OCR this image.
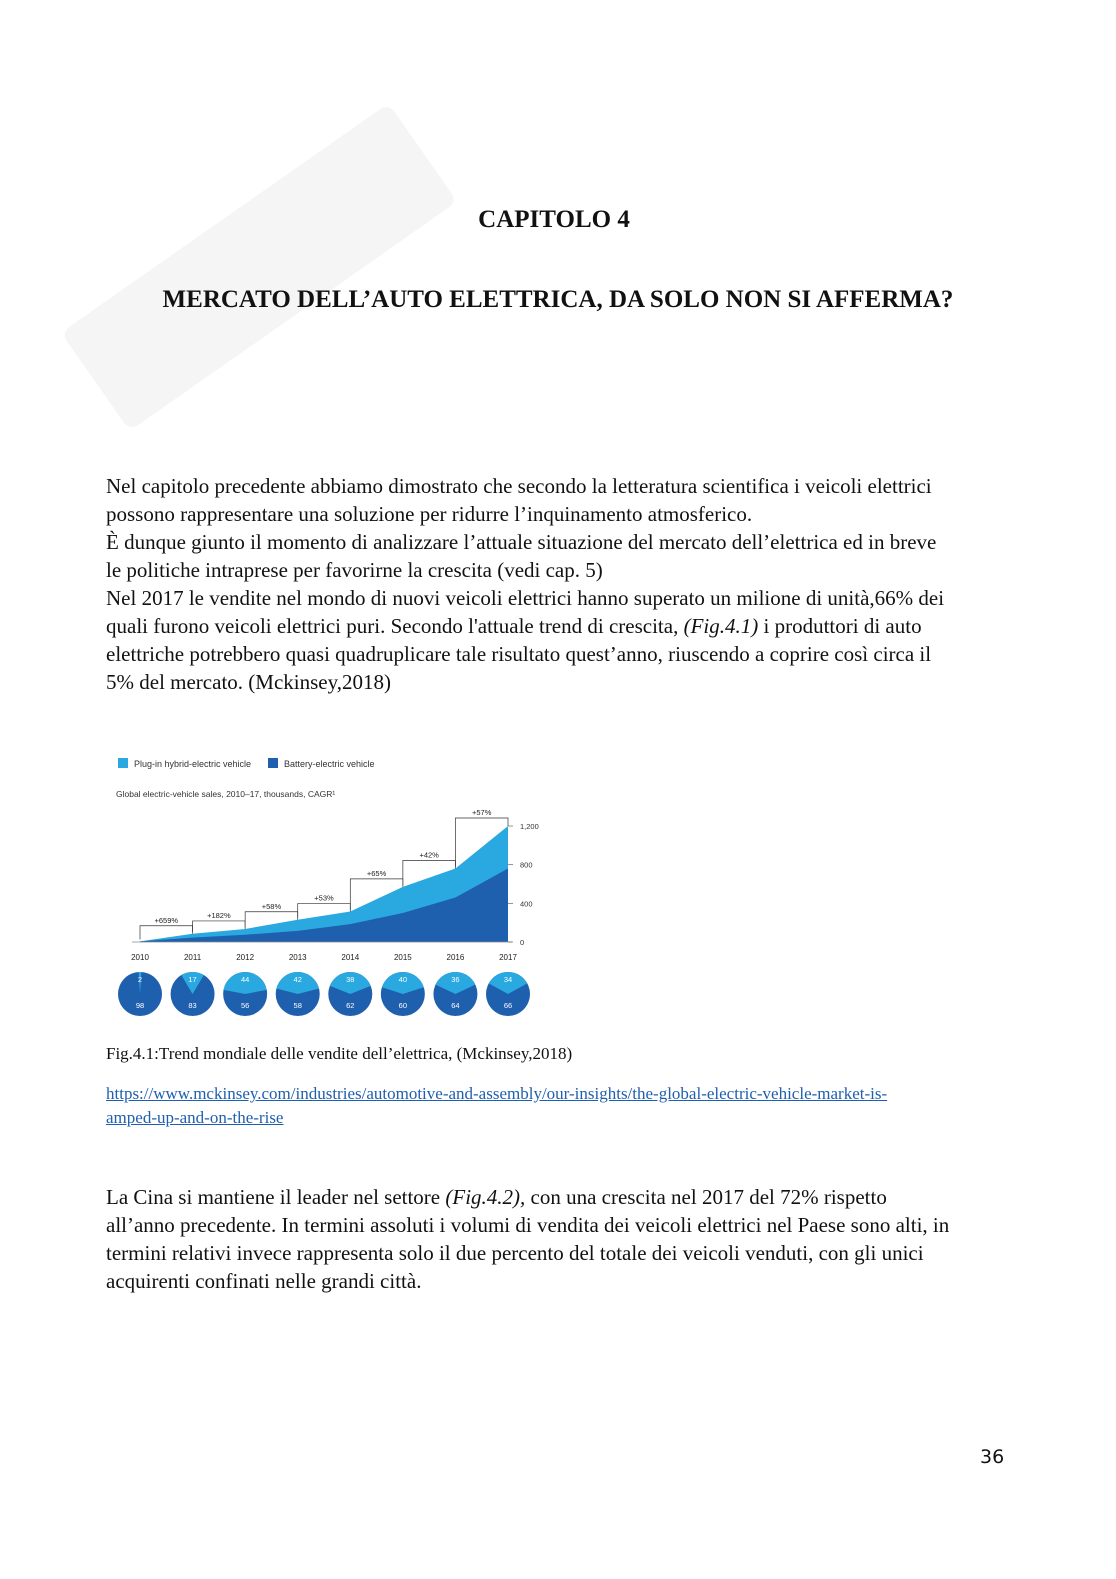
CAPITOLO 4
MERCATO DELL’AUTO ELETTRICA, DA SOLO NON SI AFFERMA?

Nel capitolo precedente abbiamo dimostrato che secondo la letteratura scientifica i veicoli elettrici

possono rappresentare una soluzione per ridurre l’inquinamento atmosferico.

È dunque giunto il momento di analizzare l’attuale situazione del mercato dell’elettrica ed in breve

le politiche intraprese per favorirne la crescita (vedi cap. 5)

Nel 2017 le vendite nel mondo di nuovi veicoli elettrici hanno superato un milione di unità,66% dei

quali furono veicoli elettrici puri. Secondo l'attuale trend di crescita, (Fig.4.1) i produttori di auto

elettriche potrebbero quasi quadruplicare tale risultato quest’anno, riuscendo a coprire così circa il

5% del mercato. (Mckinsey,2018)

Plug-in hybrid-electric vehicle	Battery-electric vehicle
Global electric-vehicle sales, 2010–17, thousands, CAGR¹
+659%
+182%
+58%
+53%
+65%
+42%
+57%
1,200
800
400
0
2010	2011	2012	2013	2014	2015	2016	2017
2
98
17
83
44
56
42
58
38
62
40
60
36
64
34
66
Fig.4.1:Trend mondiale delle vendite dell’elettrica, (Mckinsey,2018)
https://www.mckinsey.com/industries/automotive-and-assembly/our-insights/the-global-electric-vehicle-market-is-
amped-up-and-on-the-rise

La Cina si mantiene il leader nel settore (Fig.4.2), con una crescita nel 2017 del 72% rispetto

all’anno precedente. In termini assoluti i volumi di vendita dei veicoli elettrici nel Paese sono alti, in

termini relativi invece rappresenta solo il due percento del totale dei veicoli venduti, con gli unici

acquirenti confinati nelle grandi città.

36
